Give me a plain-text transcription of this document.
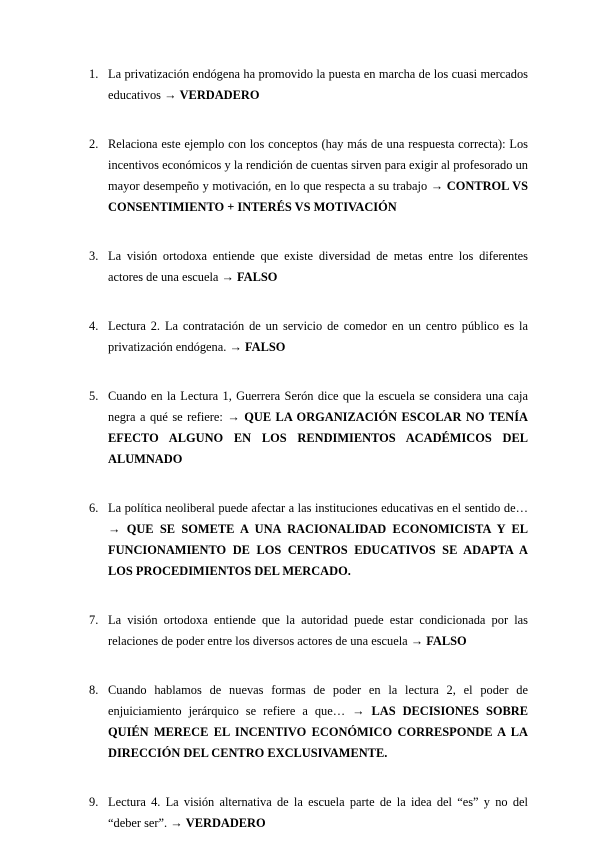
1. La privatización endógena ha promovido la puesta en marcha de los cuasi mercados educativos → VERDADERO
2. Relaciona este ejemplo con los conceptos (hay más de una respuesta correcta): Los incentivos económicos y la rendición de cuentas sirven para exigir al profesorado un mayor desempeño y motivación, en lo que respecta a su trabajo → CONTROL VS CONSENTIMIENTO + INTERÉS VS MOTIVACIÓN
3. La visión ortodoxa entiende que existe diversidad de metas entre los diferentes actores de una escuela → FALSO
4. Lectura 2. La contratación de un servicio de comedor en un centro público es la privatización endógena. → FALSO
5. Cuando en la Lectura 1, Guerrera Serón dice que la escuela se considera una caja negra a qué se refiere: → QUE LA ORGANIZACIÓN ESCOLAR NO TENÍA EFECTO ALGUNO EN LOS RENDIMIENTOS ACADÉMICOS DEL ALUMNADO
6. La política neoliberal puede afectar a las instituciones educativas en el sentido de… → QUE SE SOMETE A UNA RACIONALIDAD ECONOMICISTA Y EL FUNCIONAMIENTO DE LOS CENTROS EDUCATIVOS SE ADAPTA A LOS PROCEDIMIENTOS DEL MERCADO.
7. La visión ortodoxa entiende que la autoridad puede estar condicionada por las relaciones de poder entre los diversos actores de una escuela → FALSO
8. Cuando hablamos de nuevas formas de poder en la lectura 2, el poder de enjuiciamiento jerárquico se refiere a que… → LAS DECISIONES SOBRE QUIÉN MERECE EL INCENTIVO ECONÓMICO CORRESPONDE A LA DIRECCIÓN DEL CENTRO EXCLUSIVAMENTE.
9. Lectura 4. La visión alternativa de la escuela parte de la idea del “es” y no del “deber ser”. → VERDADERO
